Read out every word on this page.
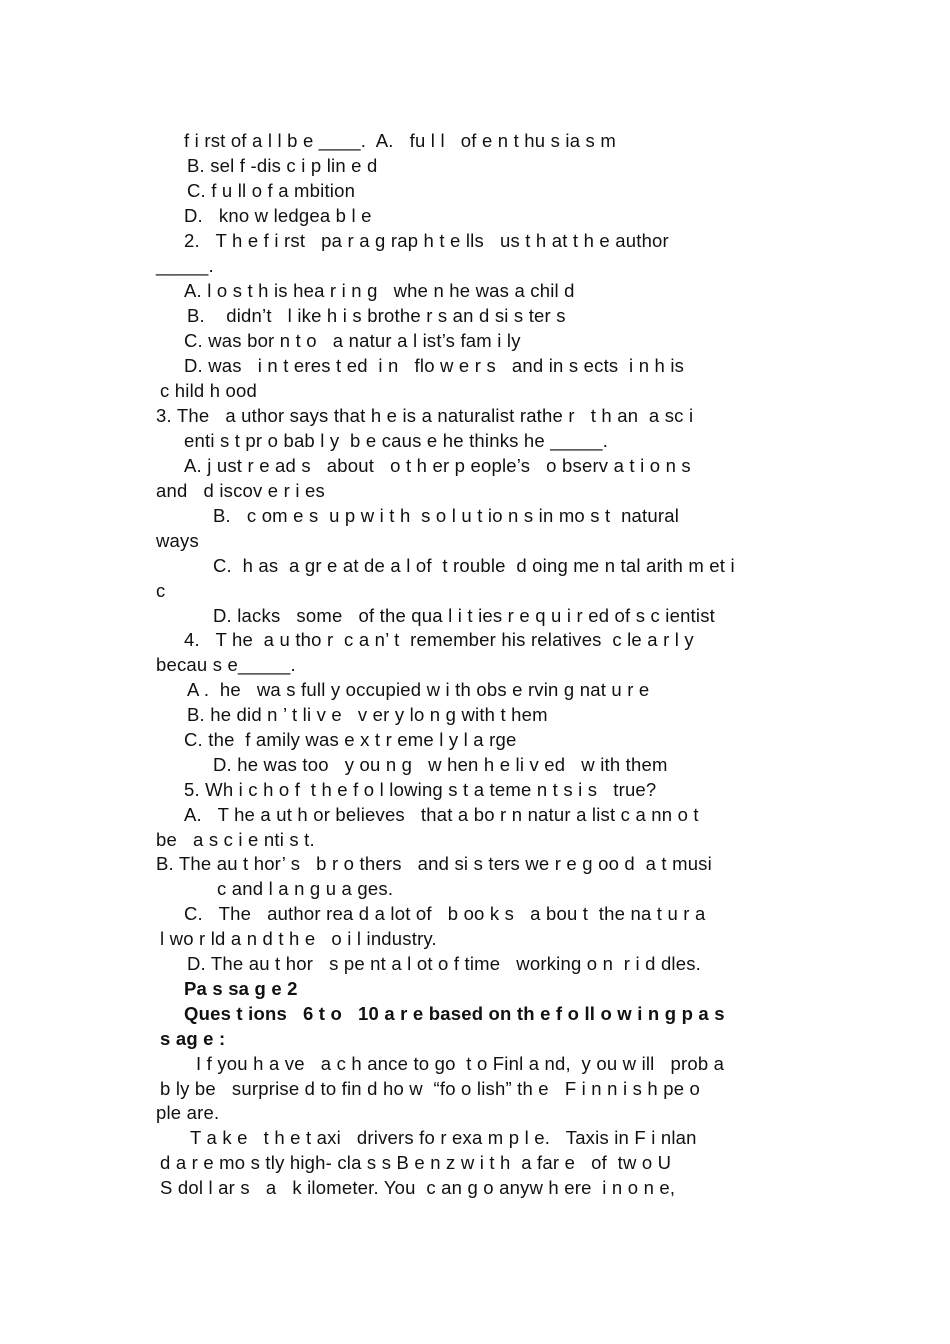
f i rst of a l l b e ____.  A.   fu l l   of e n t hu s ia s m
B. sel f -dis c i p lin e d
C. f u ll o f a mbition
D.   kno w ledgea b l e
2.   T h e f i rst   pa r a g rap h t e lls   us t h at t h e author
_____.
A. l o s t h is hea r i n g   whe n he was a chil d
B.    didn’t   l ike h i s brothe r s an d si s ter s
C. was bor n t o   a natur a l ist’s fam i ly
D. was   i n t eres t ed  i n   flo w e r s   and in s ects  i n h is
c hild h ood
3. The   a uthor says that h e is a naturalist rathe r   t h an  a sc i
enti s t pr o bab l y  b e caus e he thinks he _____.
A. j ust r e ad s   about   o t h er p eople’s   o bserv a t i o n s
and   d iscov e r i es
B.   c om e s  u p w i t h  s o l u t io n s in mo s t  natural
ways
C.  h as  a gr e at de a l of  t rouble  d oing me n tal arith m et i
c
D. lacks   some   of the qua l i t ies r e q u i r ed of s c ientist
4.   T he  a u tho r  c a n’ t  remember his relatives  c le a r l y
becau s e_____.
A .  he   wa s full y occupied w i th obs e rvin g nat u r e
B. he did n ’ t li v e   v er y lo n g with t hem
C. the  f amily was e x t r eme l y l a rge
D. he was too   y ou n g   w hen h e li v ed   w ith them
5. Wh i c h o f  t h e f o l lowing s t a teme n t s i s   true?
A.   T he a ut h or believes   that a bo r n natur a list c a nn o t
be   a s c i e nti s t.
B. The au t hor’ s   b r o thers   and si s ters we r e g oo d  a t musi
c and l a n g u a ges.
C.   The   author rea d a lot of   b oo k s   a bou t  the na t u r a
l wo r ld a n d t h e   o i l industry.
D. The au t hor   s pe nt a l ot o f time   working o n  r i d dles.
Pa s sa g e 2
Ques t ions   6 t o   10 a r e based on th e f o ll o w i n g p a s
s ag e :
I f you h a ve   a c h ance to go  t o Finl a nd,  y ou w ill   prob a
b ly be   surprise d to fin d ho w  “fo o lish” th e   F i n n i s h pe o
ple are.
T a k e   t h e t axi   drivers fo r exa m p l e.   Taxis in F i nlan
d a r e mo s tly high- cla s s B e n z w i t h  a far e   of  tw o U
S dol l ar s   a   k ilometer. You  c an g o anyw h ere  i n o n e,
